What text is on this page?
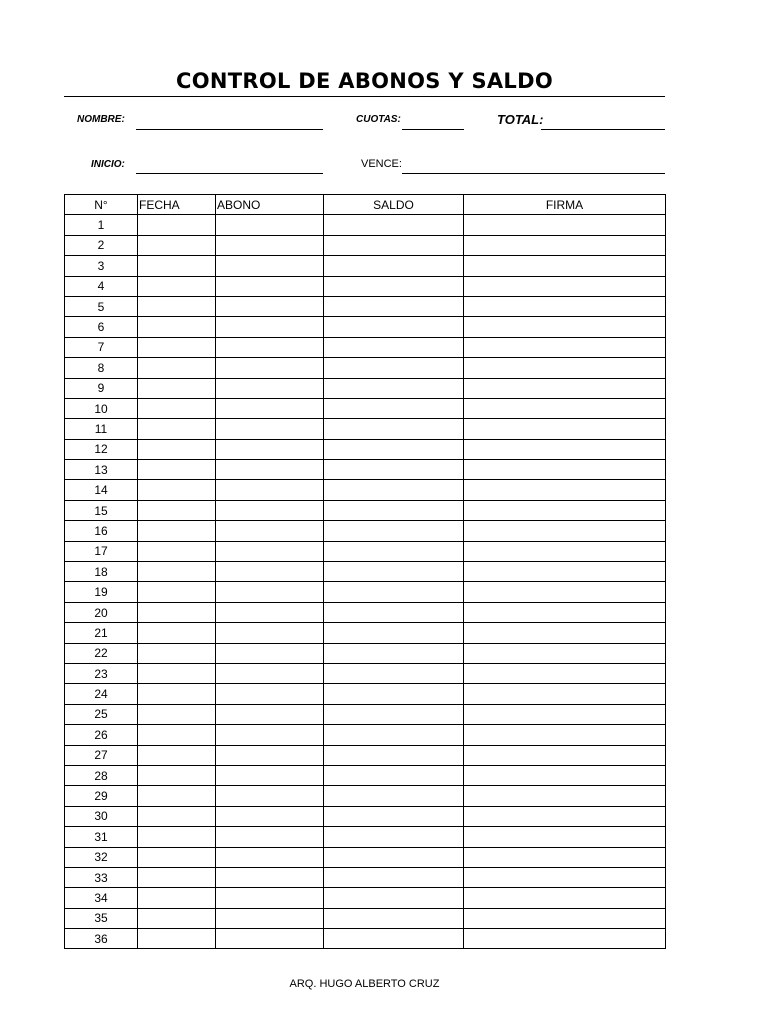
CONTROL DE ABONOS Y SALDO
NOMBRE:	CUOTAS:	TOTAL:
INICIO:	VENCE:
N°	FECHA	ABONO	SALDO	FIRMA
1				
2				
3				
4				
5				
6				
7				
8				
9				
10				
11				
12				
13				
14				
15				
16				
17				
18				
19				
20				
21				
22				
23				
24				
25				
26				
27				
28				
29				
30				
31				
32				
33				
34				
35				
36				
ARQ. HUGO ALBERTO CRUZ
